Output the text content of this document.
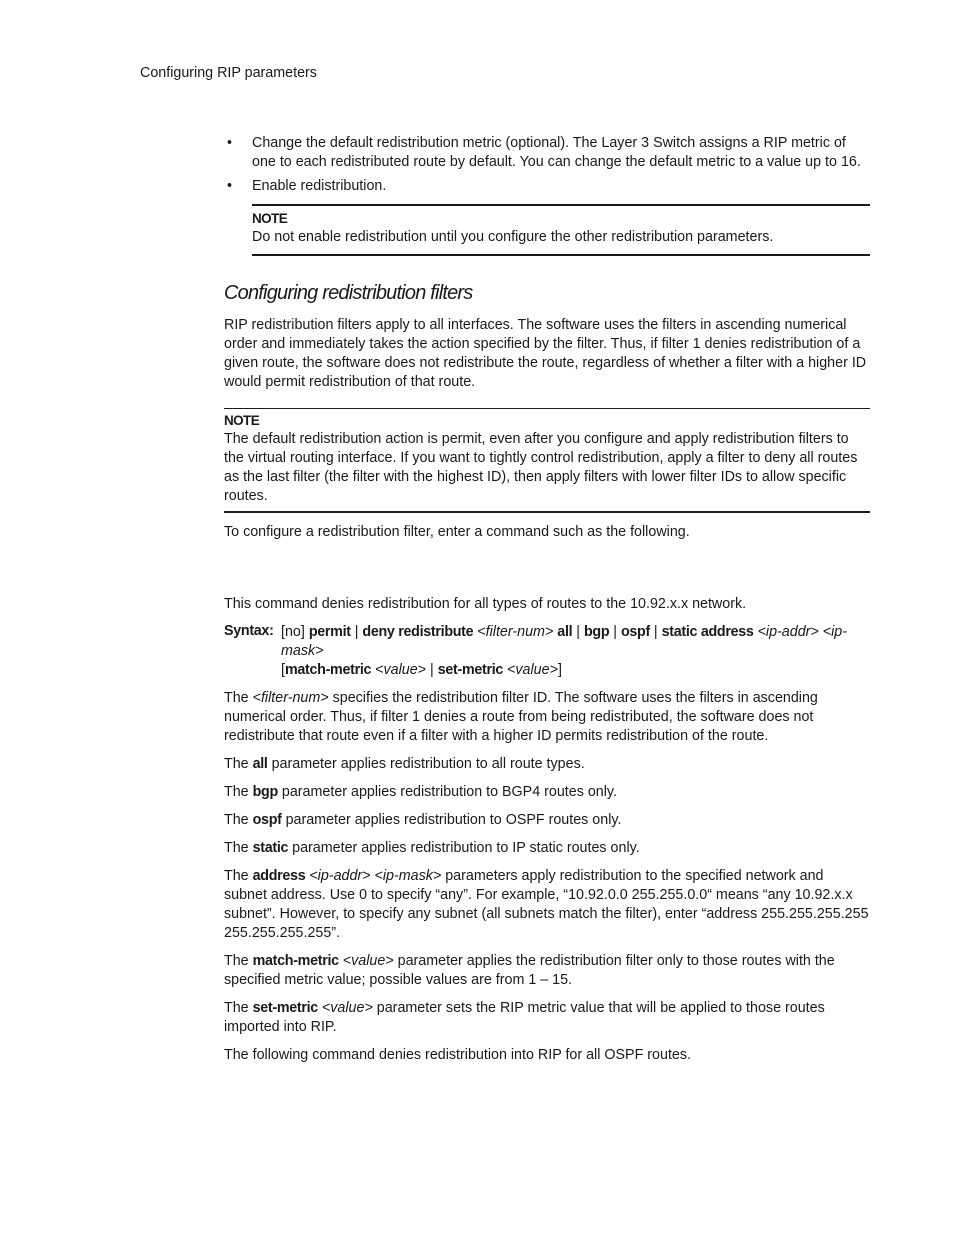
Configuring RIP parameters
• Change the default redistribution metric (optional). The Layer 3 Switch assigns a RIP metric of one to each redistributed route by default. You can change the default metric to a value up to 16.
• Enable redistribution.
NOTE

Do not enable redistribution until you configure the other redistribution parameters.

Configuring redistribution filters

RIP redistribution filters apply to all interfaces. The software uses the filters in ascending numerical order and immediately takes the action specified by the filter. Thus, if filter 1 denies redistribution of a given route, the software does not redistribute the route, regardless of whether a filter with a higher ID would permit redistribution of that route.

NOTE

The default redistribution action is permit, even after you configure and apply redistribution filters to the virtual routing interface. If you want to tightly control redistribution, apply a filter to deny all routes as the last filter (the filter with the highest ID), then apply filters with lower filter IDs to allow specific routes.

To configure a redistribution filter, enter a command such as the following.

This command denies redistribution for all types of routes to the 10.92.x.x network.

Syntax: [no] permit | deny redistribute <filter-num> all | bgp | ospf | static address <ip-addr> <ip-mask>

[match-metric <value> | set-metric <value>]

The <filter-num> specifies the redistribution filter ID. The software uses the filters in ascending numerical order. Thus, if filter 1 denies a route from being redistributed, the software does not redistribute that route even if a filter with a higher ID permits redistribution of the route.

The all parameter applies redistribution to all route types.

The bgp parameter applies redistribution to BGP4 routes only.

The ospf parameter applies redistribution to OSPF routes only.

The static parameter applies redistribution to IP static routes only.

The address <ip-addr> <ip-mask> parameters apply redistribution to the specified network and subnet address. Use 0 to specify “any”. For example, “10.92.0.0 255.255.0.0“ means “any 10.92.x.x subnet”. However, to specify any subnet (all subnets match the filter), enter “address 255.255.255.255 255.255.255.255”.

The match-metric <value> parameter applies the redistribution filter only to those routes with the specified metric value; possible values are from 1 – 15.

The set-metric <value> parameter sets the RIP metric value that will be applied to those routes imported into RIP.

The following command denies redistribution into RIP for all OSPF routes.
